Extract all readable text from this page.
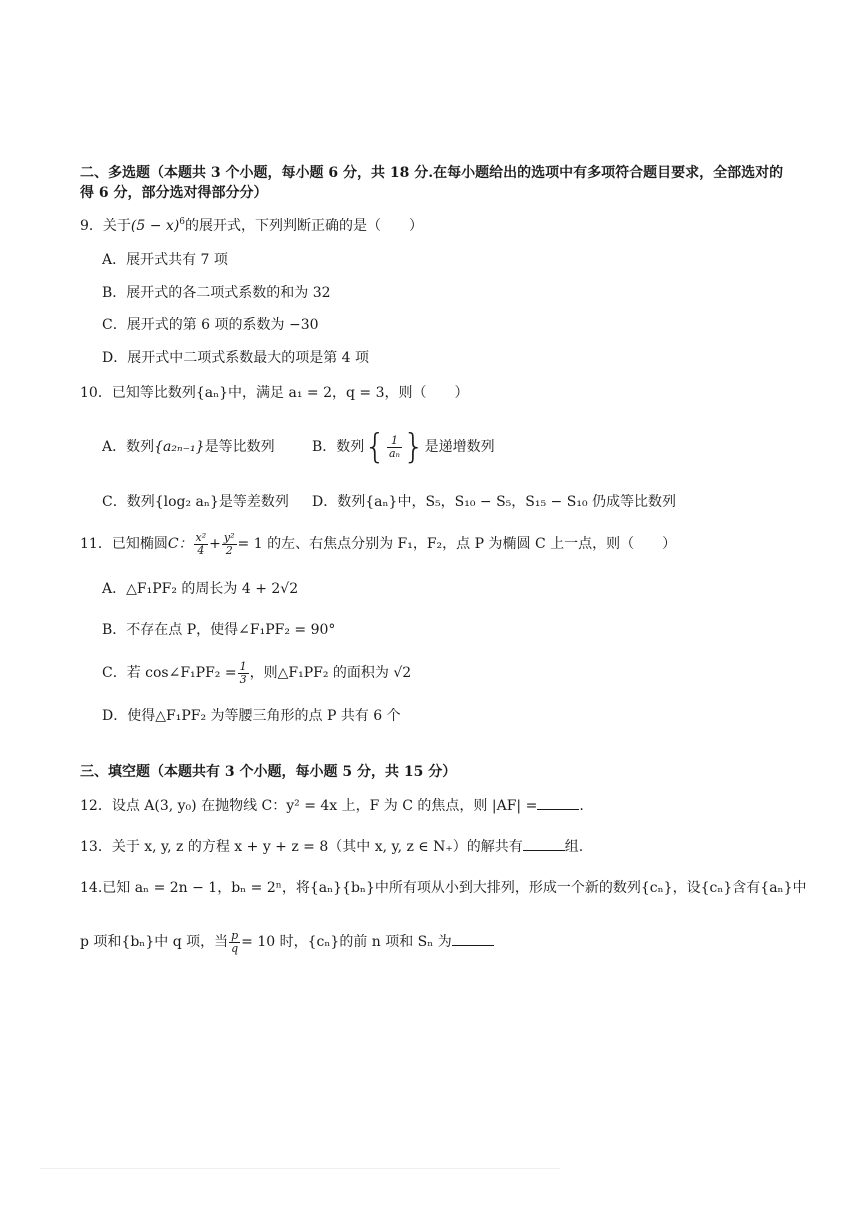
二、多选题（本题共 3 个小题，每小题 6 分，共 18 分.在每小题给出的选项中有多项符合题目要求，全部选对的
得 6 分，部分选对得部分分）
9．关于$(5 - x)^6$的展开式，下列判断正确的是（　　）
A．展开式共有 7 项
B．展开式的各二项式系数的和为 32
C．展开式的第 6 项的系数为 −30
D．展开式中二项式系数最大的项是第 4 项
10．已知等比数列{aₙ}中，满足 a₁ = 2，q = 3，则（　　）
A．数列{a₂ₙ₋₁}是等比数列	B．数列{ $\frac{1}{\text{aₙ}}$ }是递增数列
C．数列{log₂ aₙ}是等差数列 D．数列{aₙ}中，S₅，S₁₀ − S₅，S₁₅ − S₁₀ 仍成等比数列
11．已知椭圆C： $\frac{\text{x²}}{4} + \frac{\text{y²}}{2} = 1$ 的左、右焦点分别为 F₁，F₂，点 P 为椭圆 C 上一点，则（　　）
A．△F₁PF₂ 的周长为 4 + 2√2
B．不存在点 P，使得∠F₁PF₂ = 90°
C．若 cos∠F₁PF₂ = $\frac{1}{3}$ ，则△F₁PF₂ 的面积为 √2
D．使得△F₁PF₂ 为等腰三角形的点 P 共有 6 个
三、填空题（本题共有 3 个小题，每小题 5 分，共 15 分）
12．设点 A(3, y₀) 在抛物线 C：y² = 4x 上，F 为 C 的焦点，则 |AF| =	.
13．关于 x, y, z 的方程 x + y + z = 8（其中 x, y, z ∈ N₊）的解共有	组.
14.已知 aₙ = 2n − 1，bₙ = 2ⁿ，将{aₙ}{bₙ}中所有项从小到大排列，形成一个新的数列{cₙ}，设{cₙ}含有{aₙ}中
p 项和{bₙ}中 q 项，当 $\frac{p}{q} = 10$ 时，{cₙ}的前 n 项和 Sₙ 为
